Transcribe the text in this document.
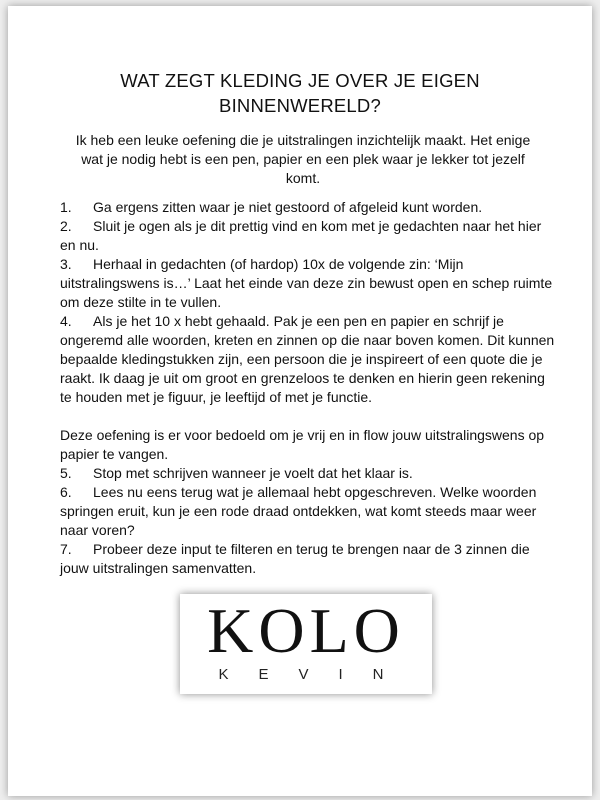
WAT ZEGT KLEDING JE OVER JE EIGEN
BINNENWERELD?
Ik heb een leuke oefening die je uitstralingen inzichtelijk maakt. Het enige wat je nodig hebt is een pen, papier en een plek waar je lekker tot jezelf komt.
1. Ga ergens zitten waar je niet gestoord of afgeleid kunt worden.
2. Sluit je ogen als je dit prettig vind en kom met je gedachten naar het hier en nu.
3. Herhaal in gedachten (of hardop) 10x de volgende zin: ‘Mijn uitstralingswens is…’ Laat het einde van deze zin bewust open en schep ruimte om deze stilte in te vullen.
4. Als je het 10 x hebt gehaald. Pak je een pen en papier en schrijf je ongeremd alle woorden, kreten en zinnen op die naar boven komen. Dit kunnen bepaalde kledingstukken zijn, een persoon die je inspireert of een quote die je raakt. Ik daag je uit om groot en grenzeloos te denken en hierin geen rekening te houden met je figuur, je leeftijd of met je functie.
Deze oefening is er voor bedoeld om je vrij en in flow jouw uitstralingswens op papier te vangen.
5. Stop met schrijven wanneer je voelt dat het klaar is.
6. Lees nu eens terug wat je allemaal hebt opgeschreven. Welke woorden springen eruit, kun je een rode draad ontdekken, wat komt steeds maar weer naar voren?
7. Probeer deze input te filteren en terug te brengen naar de 3 zinnen die jouw uitstralingen samenvatten.
KOLO
KEVIN
